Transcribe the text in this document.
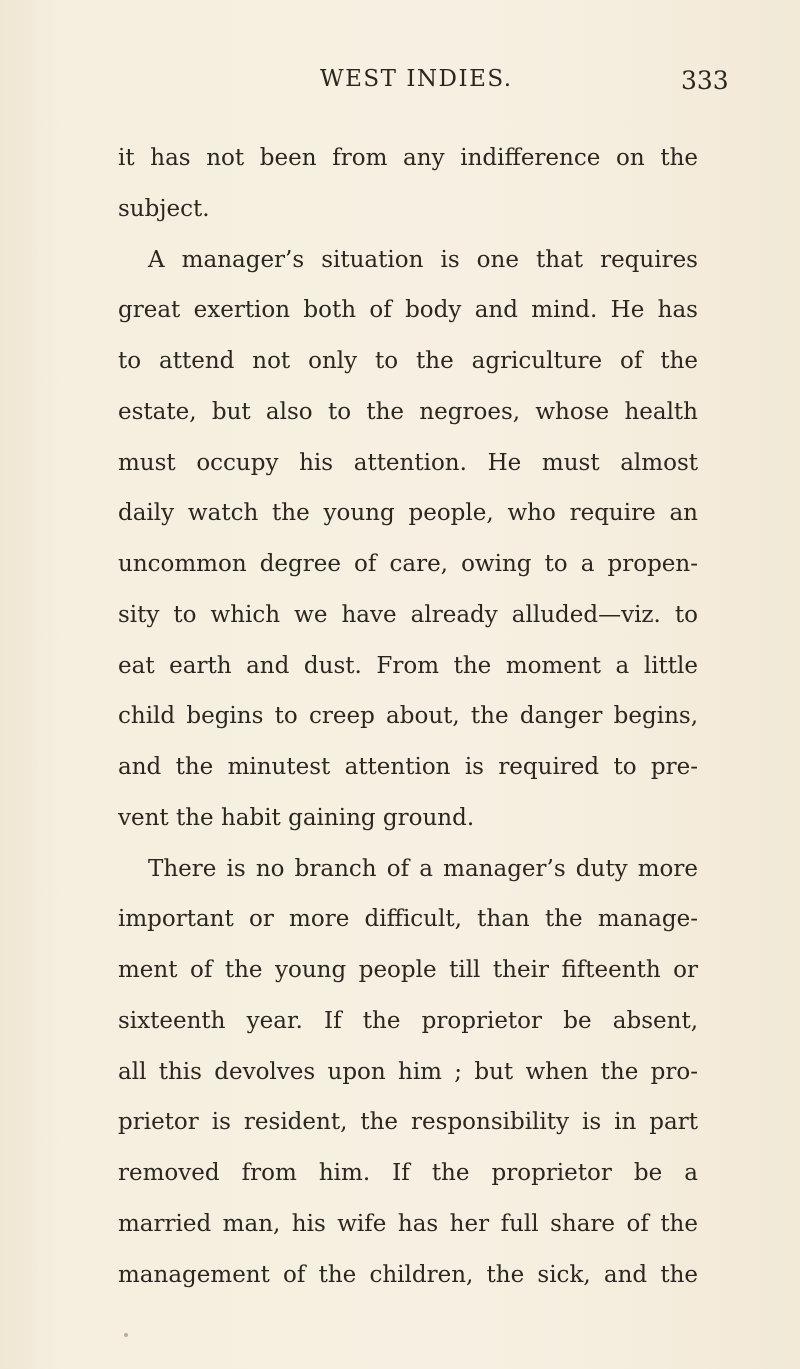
WEST INDIES.	333
it has not been from any indifference on the
subject.
A manager’s situation is one that requires
great exertion both of body and mind. He has
to attend not only to the agriculture of the
estate, but also to the negroes, whose health
must occupy his attention. He must almost
daily watch the young people, who require an
uncommon degree of care, owing to a propen-
sity to which we have already alluded—viz. to
eat earth and dust. From the moment a little
child begins to creep about, the danger begins,
and the minutest attention is required to pre-
vent the habit gaining ground.
There is no branch of a manager’s duty more
important or more difficult, than the manage-
ment of the young people till their fifteenth or
sixteenth year. If the proprietor be absent,
all this devolves upon him ; but when the pro-
prietor is resident, the responsibility is in part
removed from him. If the proprietor be a
married man, his wife has her full share of the
management of the children, the sick, and the
